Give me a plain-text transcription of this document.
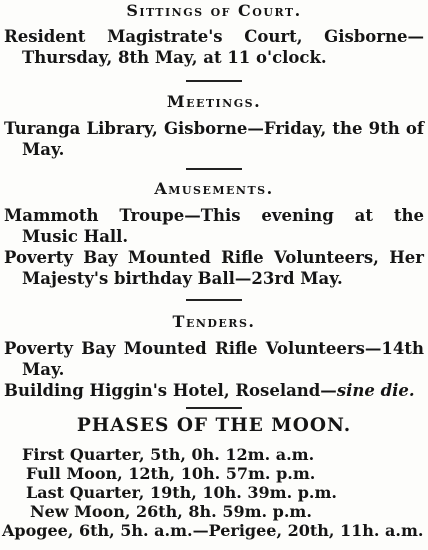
Sittings of Court.

Resident Magistrate's Court, Gisborne—Thursday, 8th May, at 11 o'clock.

Meetings.

Turanga Library, Gisborne—Friday, the 9th of May.

Amusements.

Mammoth Troupe—This evening at the Music Hall.

Poverty Bay Mounted Rifle Volunteers, Her Majesty's birthday Ball—23rd May.

Tenders.

Poverty Bay Mounted Rifle Volunteers—14th May.

Building Higgin's Hotel, Roseland—sine die.

PHASES OF THE MOON.

First Quarter, 5th, 0h. 12m. a.m.

Full Moon, 12th, 10h. 57m. p.m.

Last Quarter, 19th, 10h. 39m. p.m.

New Moon, 26th, 8h. 59m. p.m.

Apogee, 6th, 5h. a.m.—Perigee, 20th, 11h. a.m.
